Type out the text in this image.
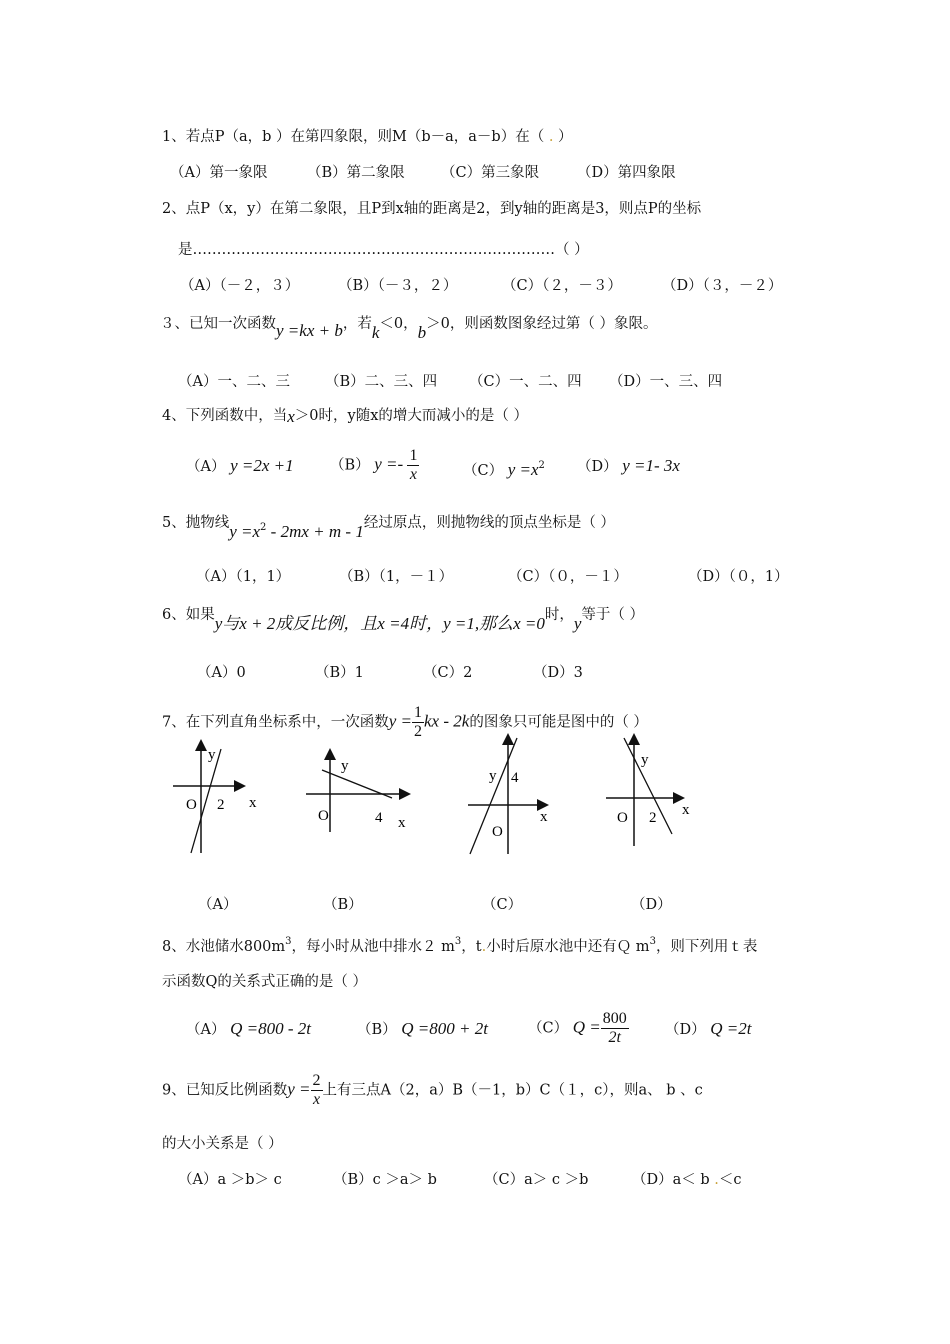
1、若点P（a，b ）在第四象限，则M（b－a，a－b）在（ . ）
（A）第一象限	（B）第二象限	（C）第三象限	（D）第四象限
2、点P（x，y）在第二象限，且P到x轴的距离是2，到y轴的距离是3，则点P的坐标
是…………………………………………………………………（ ）
（A）（－２，３）	（B）（－３，２）	（C）（２，－３）	（D）（３，－２）
３、已知一次函数y =kx + b，若k＜0，b＞0，则函数图象经过第（ ）象限。
（A）一、二、三 （B）二、三、四 （C）一、二、四 （D）一、三、四
4、下列函数中，当x＞0时，y随x的增大而减小的是（ ）
（A） y =2x +1	（B） $y =- \frac{1}{x}$	（C） $y =x^2$ （D） y =1- 3x
5、抛物线$y =x_2 - 2mx + m - 1$经过原点，则抛物线的顶点坐标是（ ）
（A）（1，1）	（B）（1，－１）	（C）（０，－１）	（D）（０，1）
6、如果y与x + 2成反比例，且x =4时，y =1,那么x =0时，y等于（ ）
（A）0	（B）1	（C）2	（D）3
7、在下列直角坐标系中，一次函数$y = \frac{1}{2}$ kx - 2k的图象只可能是图中的（ ）
y
O 2 x
y
O	4 x
y 4
O
x
y
O 2 x
（A）	（B）	（C）	（D）
8、水池储水$800m^3$，每小时从池中排水２ $m^3$，t.小时后原水池中还有Ｑ $m^3$，则下列用ｔ表
示函数Q的关系式正确的是（ ）
（A） Q =800 - 2t	（B） Q =800 + 2t	（C） $Q = \frac{800}{2t}$	（D） Q =2t
9、已知反比例函数$y = \frac{2}{x}$ 上有三点A（2，a）B（－1，b）C（１，c），则a、 b 、c
的大小关系是（ ）
（A）a ＞b＞ c	（B）c ＞a＞ b	（C）a＞ c ＞b	（D）a＜ b .＜c
